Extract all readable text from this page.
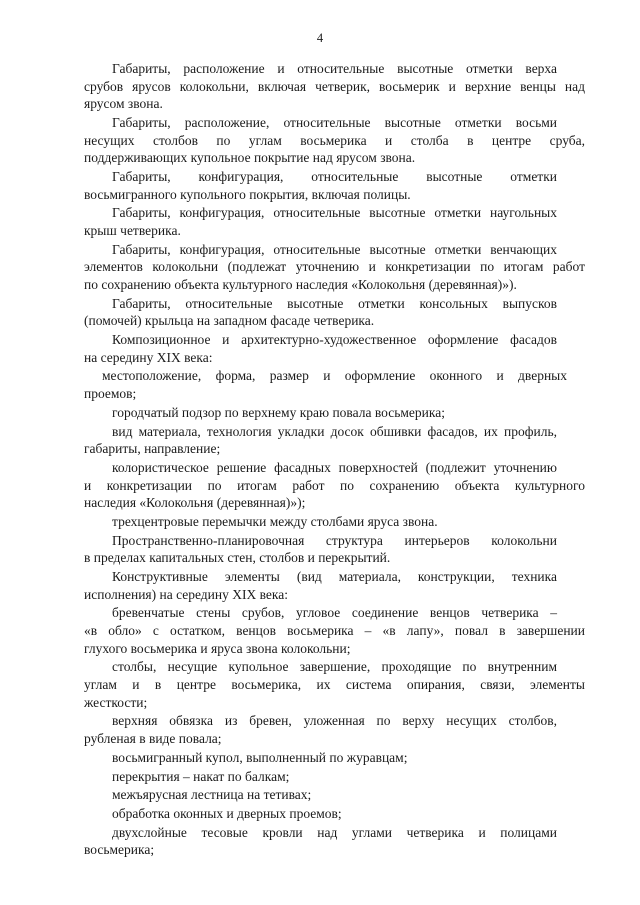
4

Габариты, расположение и относительные высотные отметки верха
срубов ярусов колокольни, включая четверик, восьмерик и верхние венцы над
ярусом звона.

Габариты, расположение, относительные высотные отметки восьми
несущих столбов по углам восьмерика и столба в центре сруба,
поддерживающих купольное покрытие над ярусом звона.

Габариты, конфигурация, относительные высотные отметки
восьмигранного купольного покрытия, включая полицы.

Габариты, конфигурация, относительные высотные отметки наугольных
крыш четверика.

Габариты, конфигурация, относительные высотные отметки венчающих
элементов колокольни (подлежат уточнению и конкретизации по итогам работ
по сохранению объекта культурного наследия «Колокольня (деревянная)»).

Габариты, относительные высотные отметки консольных выпусков
(помочей) крыльца на западном фасаде четверика.

Композиционное и архитектурно-художественное оформление фасадов
на середину XIX века:

местоположение, форма, размер и оформление оконного и дверных
проемов;

городчатый подзор по верхнему краю повала восьмерика;

вид материала, технология укладки досок обшивки фасадов, их профиль,
габариты, направление;

колористическое решение фасадных поверхностей (подлежит уточнению
и конкретизации по итогам работ по сохранению объекта культурного
наследия «Колокольня (деревянная)»);

трехцентровые перемычки между столбами яруса звона.

Пространственно-планировочная структура интерьеров колокольни
в пределах капитальных стен, столбов и перекрытий.

Конструктивные элементы (вид материала, конструкции, техника
исполнения) на середину XIX века:

бревенчатые стены срубов, угловое соединение венцов четверика –
«в обло» с остатком, венцов восьмерика – «в лапу», повал в завершении
глухого восьмерика и яруса звона колокольни;

столбы, несущие купольное завершение, проходящие по внутренним
углам и в центре восьмерика, их система опирания, связи, элементы
жесткости;

верхняя обвязка из бревен, уложенная по верху несущих столбов,
рубленая в виде повала;

восьмигранный купол, выполненный по журавцам;

перекрытия – накат по балкам;

межъярусная лестница на тетивах;

обработка оконных и дверных проемов;

двухслойные тесовые кровли над углами четверика и полицами
восьмерика;
